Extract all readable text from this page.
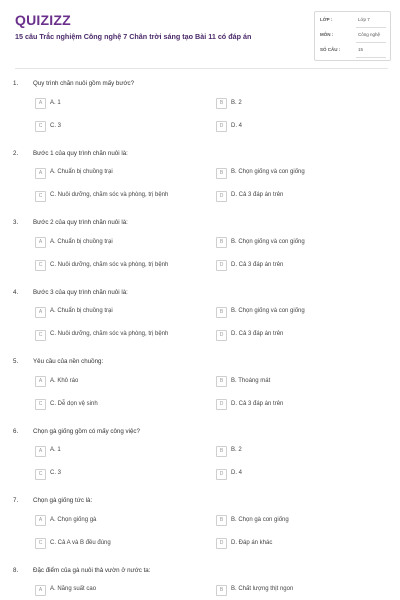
QUIZIZZ
15 câu Trắc nghiệm Công nghệ 7 Chân trời sáng tạo Bài 11 có đáp án
LỚP :	Lớp 7
MÔN :	Công nghệ
SỐ CÂU :	15
1. Quy trình chăn nuôi gồm mấy bước?
A	A. 1	B	B. 2
C	C. 3	D	D. 4
2. Bước 1 của quy trình chăn nuôi là:
A	A. Chuẩn bị chuồng trại	B	B. Chọn giống và con giống
C	C. Nuôi dưỡng, chăm sóc và phòng, trị bệnh	D	D. Cả 3 đáp án trên
3. Bước 2 của quy trình chăn nuôi là:
A	A. Chuẩn bị chuồng trại	B	B. Chọn giống và con giống
C	C. Nuôi dưỡng, chăm sóc và phòng, trị bệnh	D	D. Cả 3 đáp án trên
4. Bước 3 của quy trình chăn nuôi là:
A	A. Chuẩn bị chuồng trại	B	B. Chọn giống và con giống
C	C. Nuôi dưỡng, chăm sóc và phòng, trị bệnh	D	D. Cả 3 đáp án trên
5. Yêu cầu của nền chuồng:
A	A. Khô ráo	B	B. Thoáng mát
C	C. Dễ dọn vệ sinh	D	D. Cả 3 đáp án trên
6. Chọn gà giống gồm có mấy công việc?
A	A. 1	B	B. 2
C	C. 3	D	D. 4
7. Chọn gà giống tức là:
A	A. Chọn giống gà	B	B. Chọn gà con giống
C	C. Cả A và B đều đúng	D	D. Đáp án khác
8. Đặc điểm của gà nuôi thả vườn ở nước ta:
A	A. Năng suất cao	B	B. Chất lượng thịt ngon
